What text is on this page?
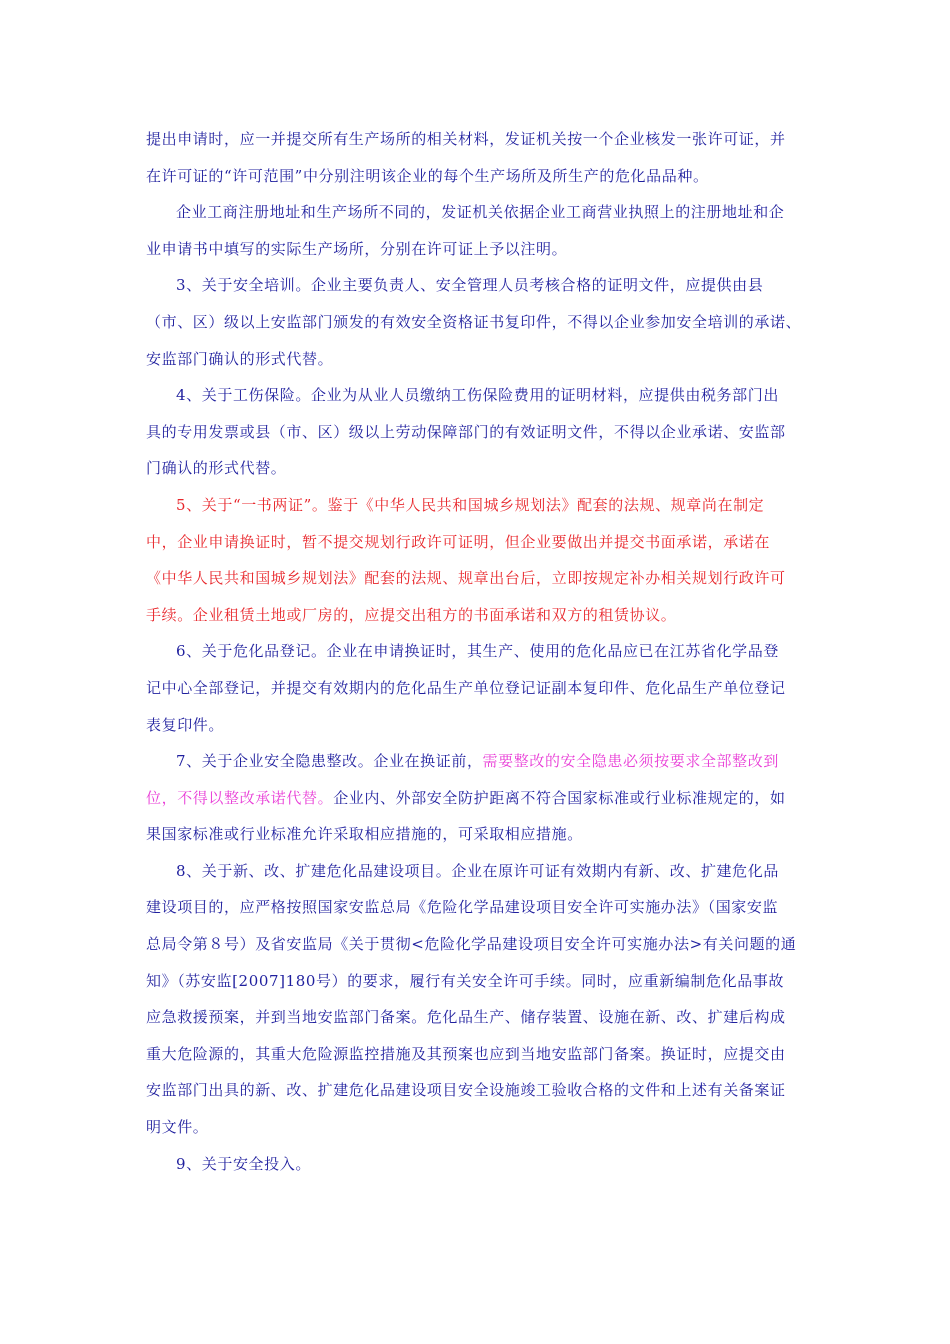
提出申请时，应一并提交所有生产场所的相关材料，发证机关按一个企业核发一张许可证，并
在许可证的“许可范围”中分别注明该企业的每个生产场所及所生产的危化品品种。
企业工商注册地址和生产场所不同的，发证机关依据企业工商营业执照上的注册地址和企
业申请书中填写的实际生产场所，分别在许可证上予以注明。
3、关于安全培训。企业主要负责人、安全管理人员考核合格的证明文件，应提供由县
（市、区）级以上安监部门颁发的有效安全资格证书复印件，不得以企业参加安全培训的承诺、
安监部门确认的形式代替。
4、关于工伤保险。企业为从业人员缴纳工伤保险费用的证明材料，应提供由税务部门出
具的专用发票或县（市、区）级以上劳动保障部门的有效证明文件，不得以企业承诺、安监部
门确认的形式代替。
5、关于“一书两证”。鉴于《中华人民共和国城乡规划法》配套的法规、规章尚在制定
中，企业申请换证时，暂不提交规划行政许可证明，但企业要做出并提交书面承诺，承诺在
《中华人民共和国城乡规划法》配套的法规、规章出台后，立即按规定补办相关规划行政许可
手续。企业租赁土地或厂房的，应提交出租方的书面承诺和双方的租赁协议。
6、关于危化品登记。企业在申请换证时，其生产、使用的危化品应已在江苏省化学品登
记中心全部登记，并提交有效期内的危化品生产单位登记证副本复印件、危化品生产单位登记
表复印件。
7、关于企业安全隐患整改。企业在换证前，需要整改的安全隐患必须按要求全部整改到
位，不得以整改承诺代替。企业内、外部安全防护距离不符合国家标准或行业标准规定的，如
果国家标准或行业标准允许采取相应措施的，可采取相应措施。
8、关于新、改、扩建危化品建设项目。企业在原许可证有效期内有新、改、扩建危化品
建设项目的，应严格按照国家安监总局《危险化学品建设项目安全许可实施办法》（国家安监
总局令第８号）及省安监局《关于贯彻<危险化学品建设项目安全许可实施办法>有关问题的通
知》（苏安监[2007]180号）的要求，履行有关安全许可手续。同时，应重新编制危化品事故
应急救援预案，并到当地安监部门备案。危化品生产、储存装置、设施在新、改、扩建后构成
重大危险源的，其重大危险源监控措施及其预案也应到当地安监部门备案。换证时，应提交由
安监部门出具的新、改、扩建危化品建设项目安全设施竣工验收合格的文件和上述有关备案证
明文件。
9、关于安全投入。
